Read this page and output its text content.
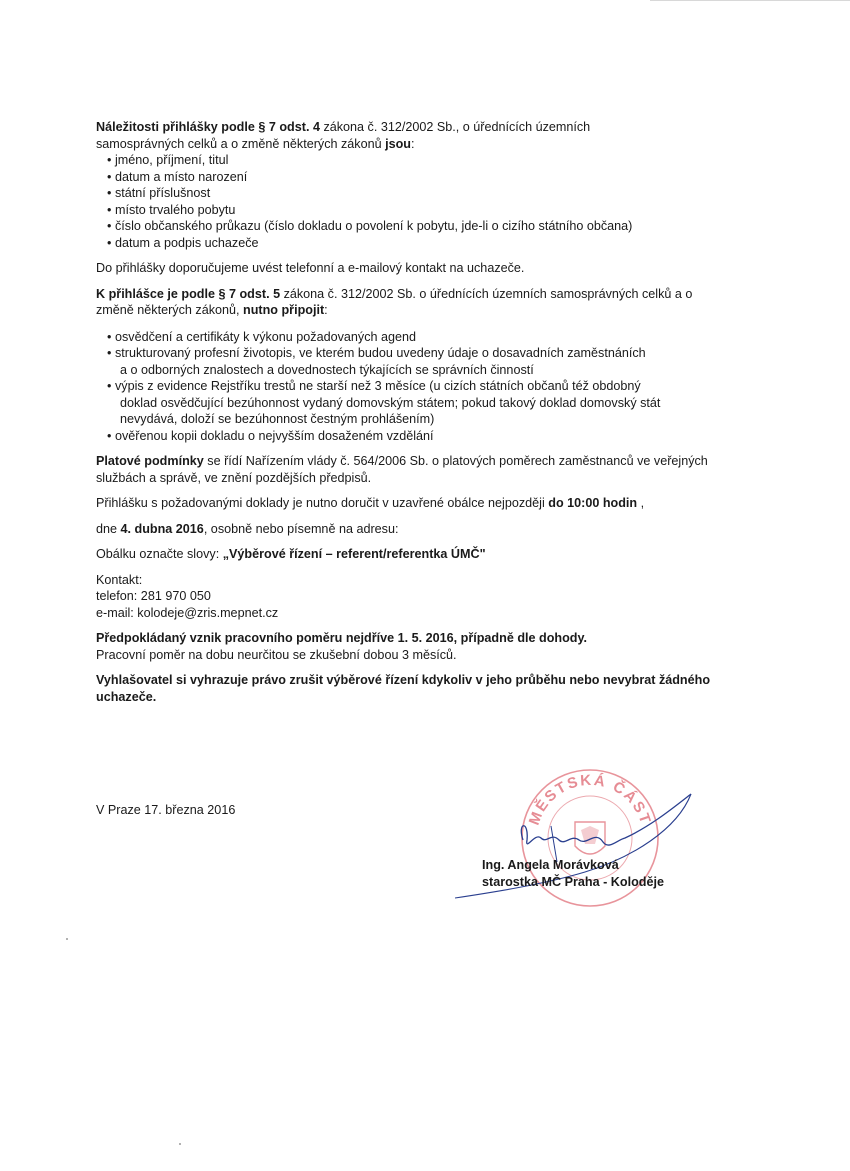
Náležitosti přihlášky podle § 7 odst. 4 zákona č. 312/2002 Sb., o úřednících územních
samosprávných celků a o změně některých zákonů jsou:

• jméno, příjmení, titul
• datum a místo narození
• státní příslušnost
• místo trvalého pobytu
• číslo občanského průkazu (číslo dokladu o povolení k pobytu, jde-li o cizího státního občana)
• datum a podpis uchazeče

Do přihlášky doporučujeme uvést telefonní a e-mailový kontakt na uchazeče.

K přihlášce je podle § 7 odst. 5 zákona č. 312/2002 Sb. o úřednících územních samosprávných celků a o
změně některých zákonů, nutno připojit:

• osvědčení a certifikáty k výkonu požadovaných agend
• strukturovaný profesní životopis, ve kterém budou uvedeny údaje o dosavadních zaměstnáních
a o odborných znalostech a dovednostech týkajících se správních činností
• výpis z evidence Rejstříku trestů ne starší než 3 měsíce (u cizích státních občanů též obdobný
doklad osvědčující bezúhonnost vydaný domovským státem; pokud takový doklad domovský stát
nevydává, doloží se bezúhonnost čestným prohlášením)
• ověřenou kopii dokladu o nejvyšším dosaženém vzdělání

Platové podmínky se řídí Nařízením vlády č. 564/2006 Sb. o platových poměrech zaměstnanců ve veřejných
službách a správě, ve znění pozdějších předpisů.

Přihlášku s požadovanými doklady je nutno doručit v uzavřené obálce nejpozději do 10:00 hodin ,

dne 4. dubna 2016, osobně nebo písemně na adresu:

Obálku označte slovy: „Výběrové řízení – referent/referentka ÚMČ"

Kontakt:

telefon: 281 970 050

e-mail: kolodeje@zris.mepnet.cz

Předpokládaný vznik pracovního poměru nejdříve 1. 5. 2016, případně dle dohody.

Pracovní poměr na dobu neurčitou se zkušební dobou 3 měsíců.

Vyhlašovatel si vyhrazuje právo zrušit výběrové řízení kdykoliv v jeho průběhu nebo nevybrat žádného
uchazeče.

V Praze 17. března 2016	MĚSTSKÁ ČÁST
Ing. Angela Morávková
starostka MČ Praha - Koloděje
